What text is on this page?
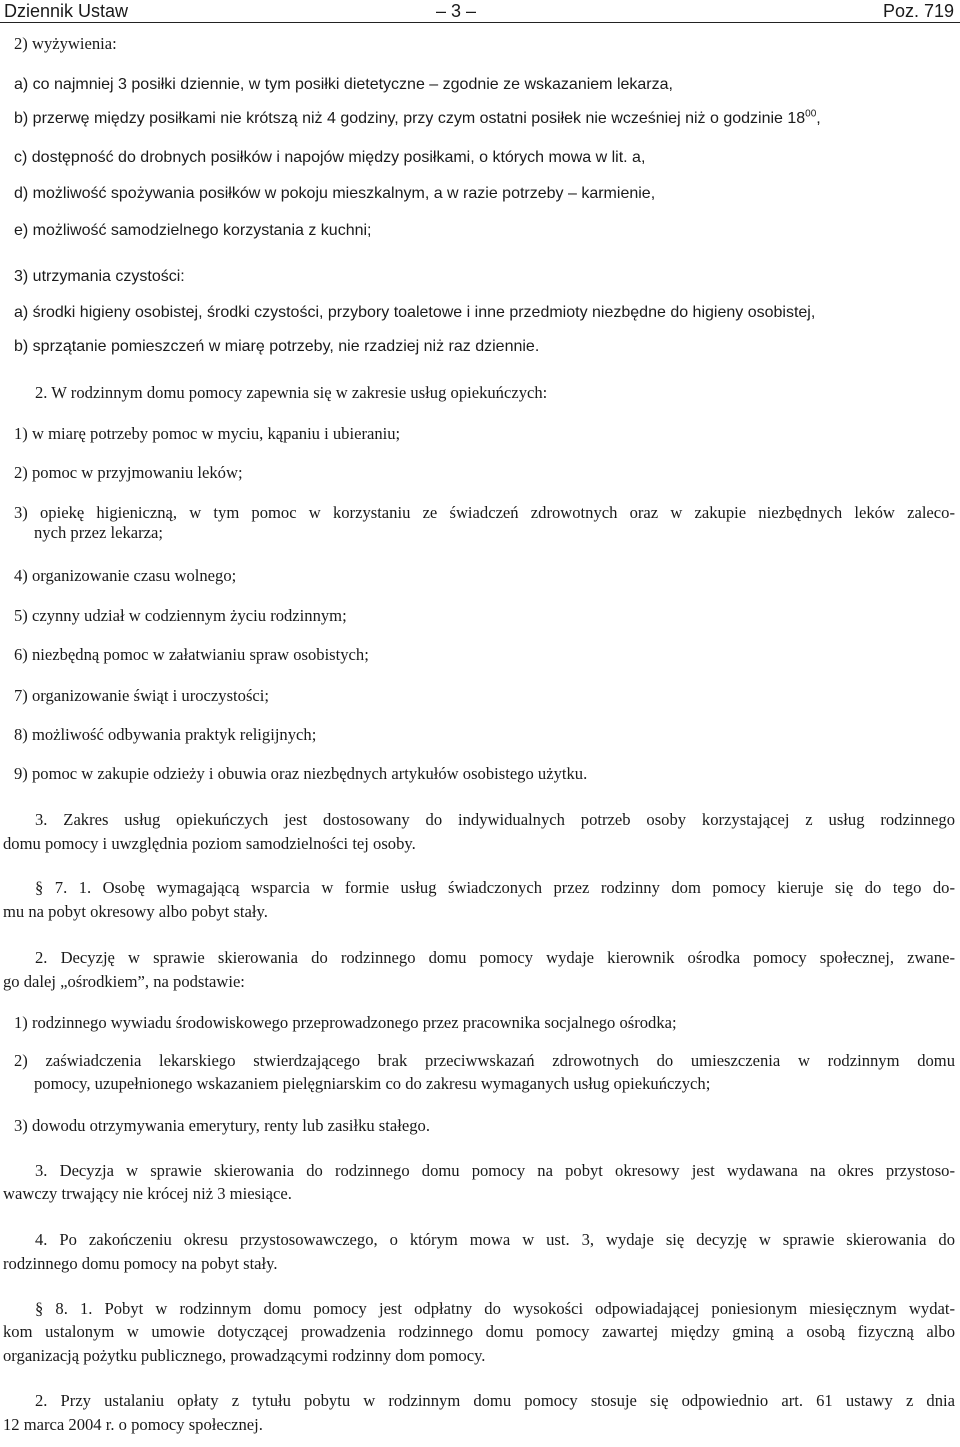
Dziennik Ustaw	– 3 –	Poz. 719
2) wyżywienia:
a) co najmniej 3 posiłki dziennie, w tym posiłki dietetyczne – zgodnie ze wskazaniem lekarza,
b) przerwę między posiłkami nie krótszą niż 4 godziny, przy czym ostatni posiłek nie wcześniej niż o godzinie $18^{00}$,
c) dostępność do drobnych posiłków i napojów między posiłkami, o których mowa w lit. a,
d) możliwość spożywania posiłków w pokoju mieszkalnym, a w razie potrzeby – karmienie,
e) możliwość samodzielnego korzystania z kuchni;
3) utrzymania czystości:
a) środki higieny osobistej, środki czystości, przybory toaletowe i inne przedmioty niezbędne do higieny osobistej,
b) sprzątanie pomieszczeń w miarę potrzeby, nie rzadziej niż raz dziennie.
2. W rodzinnym domu pomocy zapewnia się w zakresie usług opiekuńczych:
1) w miarę potrzeby pomoc w myciu, kąpaniu i ubieraniu;
2) pomoc w przyjmowaniu leków;
3) opiekę higieniczną, w tym pomoc w korzystaniu ze świadczeń zdrowotnych oraz w zakupie niezbędnych leków zaleco-
nych przez lekarza;
4) organizowanie czasu wolnego;
5) czynny udział w codziennym życiu rodzinnym;
6) niezbędną pomoc w załatwianiu spraw osobistych;
7) organizowanie świąt i uroczystości;
8) możliwość odbywania praktyk religijnych;
9) pomoc w zakupie odzieży i obuwia oraz niezbędnych artykułów osobistego użytku.
3. Zakres usług opiekuńczych jest dostosowany do indywidualnych potrzeb osoby korzystającej z usług rodzinnego
domu pomocy i uwzględnia poziom samodzielności tej osoby.
§ 7. 1. Osobę wymagającą wsparcia w formie usług świadczonych przez rodzinny dom pomocy kieruje się do tego do-
mu na pobyt okresowy albo pobyt stały.
2. Decyzję w sprawie skierowania do rodzinnego domu pomocy wydaje kierownik ośrodka pomocy społecznej, zwane-
go dalej „ośrodkiem”, na podstawie:
1) rodzinnego wywiadu środowiskowego przeprowadzonego przez pracownika socjalnego ośrodka;
2) zaświadczenia lekarskiego stwierdzającego brak przeciwwskazań zdrowotnych do umieszczenia w rodzinnym domu
pomocy, uzupełnionego wskazaniem pielęgniarskim co do zakresu wymaganych usług opiekuńczych;
3) dowodu otrzymywania emerytury, renty lub zasiłku stałego.
3. Decyzja w sprawie skierowania do rodzinnego domu pomocy na pobyt okresowy jest wydawana na okres przystoso-
wawczy trwający nie krócej niż 3 miesiące.
4. Po zakończeniu okresu przystosowawczego, o którym mowa w ust. 3, wydaje się decyzję w sprawie skierowania do
rodzinnego domu pomocy na pobyt stały.
§ 8. 1. Pobyt w rodzinnym domu pomocy jest odpłatny do wysokości odpowiadającej poniesionym miesięcznym wydat-
kom ustalonym w umowie dotyczącej prowadzenia rodzinnego domu pomocy zawartej między gminą a osobą fizyczną albo
organizacją pożytku publicznego, prowadzącymi rodzinny dom pomocy.
2. Przy ustalaniu opłaty z tytułu pobytu w rodzinnym domu pomocy stosuje się odpowiednio art. 61 ustawy z dnia
12 marca 2004 r. o pomocy społecznej.
